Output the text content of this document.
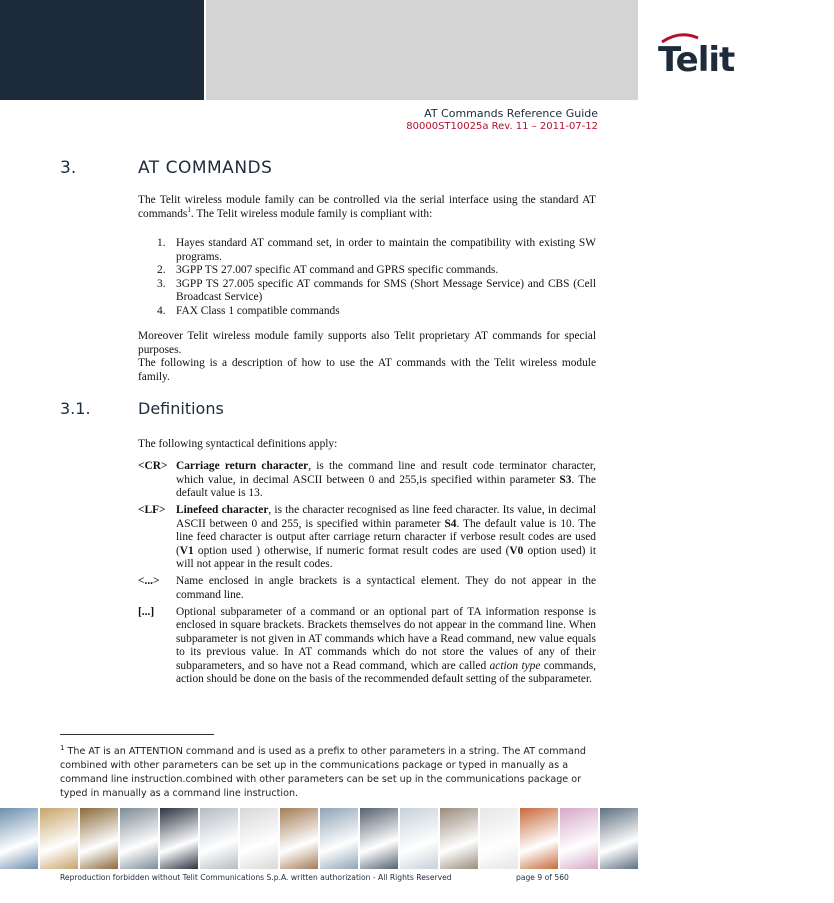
Telit wireless
solutions
AT Commands Reference Guide
80000ST10025a Rev. 11 – 2011-07-12
3.	AT COMMANDS
The Telit wireless module family can be controlled via the serial interface using the standard AT commands$^1$. The Telit wireless module family is compliant with:
1. Hayes standard AT command set, in order to maintain the compatibility with existing SW programs.
2. 3GPP TS 27.007 specific AT command and GPRS specific commands.
3. 3GPP TS 27.005 specific AT commands for SMS (Short Message Service) and CBS (Cell Broadcast Service)
4. FAX Class 1 compatible commands
Moreover Telit wireless module family supports also Telit proprietary AT commands for special purposes.
The following is a description of how to use the AT commands with the Telit wireless module family.
3.1.	Definitions
The following syntactical definitions apply:
<CR> Carriage return character, is the command line and result code terminator character, which value, in decimal ASCII between 0 and 255,is specified within parameter S3. The default value is 13.
<LF> Linefeed character, is the character recognised as line feed character. Its value, in decimal ASCII between 0 and 255, is specified within parameter S4. The default value is 10. The line feed character is output after carriage return character if verbose result codes are used (V1 option used ) otherwise, if numeric format result codes are used (V0 option used) it will not appear in the result codes.
<...> Name enclosed in angle brackets is a syntactical element. They do not appear in the command line.
[...] Optional subparameter of a command or an optional part of TA information response is enclosed in square brackets. Brackets themselves do not appear in the command line. When subparameter is not given in AT commands which have a Read command, new value equals to its previous value. In AT commands which do not store the values of any of their subparameters, and so have not a Read command, which are called action type commands, action should be done on the basis of the recommended default setting of the subparameter.
$^1$ The AT is an ATTENTION command and is used as a prefix to other parameters in a string. The AT command combined with other parameters can be set up in the communications package or typed in manually as a command line instruction.combined with other parameters can be set up in the communications package or typed in manually as a command line instruction.
Reproduction forbidden without Telit Communications S.p.A. written authorization - All Rights Reserved	page 9 of 560
